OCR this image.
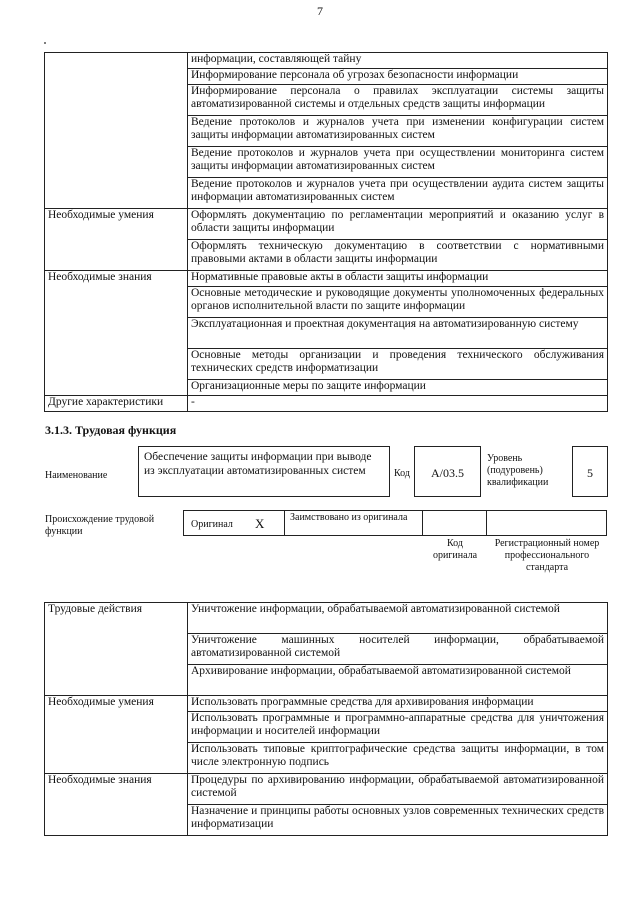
7
	информации, составляющей тайну
	Информирование персонала об угрозах безопасности информации
	Информирование персонала о правилах эксплуатации системы защиты автоматизированной системы и отдельных средств защиты информации
	Ведение протоколов и журналов учета при изменении конфигурации систем защиты информации автоматизированных систем
	Ведение протоколов и журналов учета при осуществлении мониторинга систем защиты информации автоматизированных систем
	Ведение протоколов и журналов учета при осуществлении аудита систем защиты информации автоматизированных систем
Необходимые умения	Оформлять документацию по регламентации мероприятий и оказанию услуг в области защиты информации
	Оформлять техническую документацию в соответствии с нормативными правовыми актами в области защиты информации
Необходимые знания	Нормативные правовые акты в области защиты информации
	Основные методические и руководящие документы уполномоченных федеральных органов исполнительной власти по защите информации
	Эксплуатационная и проектная документация на автоматизированную систему
	Основные методы организации и проведения технического обслуживания технических средств информатизации
	Организационные меры по защите информации
Другие характеристики	-
3.1.3. Трудовая функция
Наименование
Обеспечение защиты информации при выводе из эксплуатации автоматизированных систем	Код	A/03.5
Уровень (подуровень) квалификации
5
Происхождение трудовой функции
Оригинал X	Заимствовано из оригинала
Код оригинала
Регистрационный номер профессионального стандарта
Трудовые действия	Уничтожение информации, обрабатываемой автоматизированной системой
	Уничтожение машинных носителей информации, обрабатываемой автоматизированной системой
	Архивирование информации, обрабатываемой автоматизированной системой
Необходимые умения	Использовать программные средства для архивирования информации
	Использовать программные и программно-аппаратные средства для уничтожения информации и носителей информации
	Использовать типовые криптографические средства защиты информации, в том числе электронную подпись
Необходимые знания	Процедуры по архивированию информации, обрабатываемой автоматизированной системой
	Назначение и принципы работы основных узлов современных технических средств информатизации
